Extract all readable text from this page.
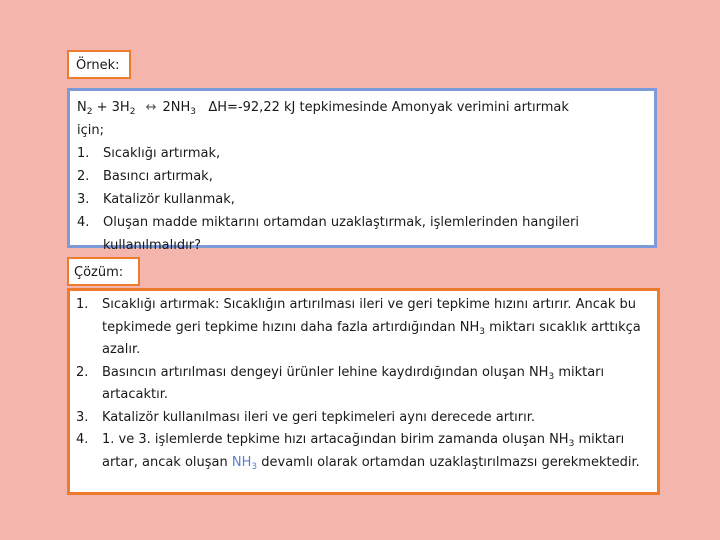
Örnek:
$N_2 + 3H_2$ ↔ $2NH_3$ ΔH=-92,22 kJ tepkimesinde Amonyak verimini artırmak
için;
1.	Sıcaklığı artırmak,
2.	Basıncı artırmak,
3.	Katalizör kullanmak,
4.	Oluşan madde miktarını ortamdan uzaklaştırmak, işlemlerinden hangileri kullanılmalıdır?
Çözüm:
1.	Sıcaklığı artırmak: Sıcaklığın artırılması ileri ve geri tepkime hızını artırır. Ancak bu tepkimede geri tepkime hızını daha fazla artırdığından $NH_3$ miktarı sıcaklık arttıkça azalır.
2.	Basıncın artırılması dengeyi ürünler lehine kaydırdığından oluşan $NH_3$ miktarı artacaktır.
3.	Katalizör kullanılması ileri ve geri tepkimeleri aynı derecede artırır.
4.	1. ve 3. işlemlerde tepkime hızı artacağından birim zamanda oluşan $NH_3$ miktarı artar, ancak oluşan $NH_3$ devamlı olarak ortamdan uzaklaştırılmazsı gerekmektedir.
